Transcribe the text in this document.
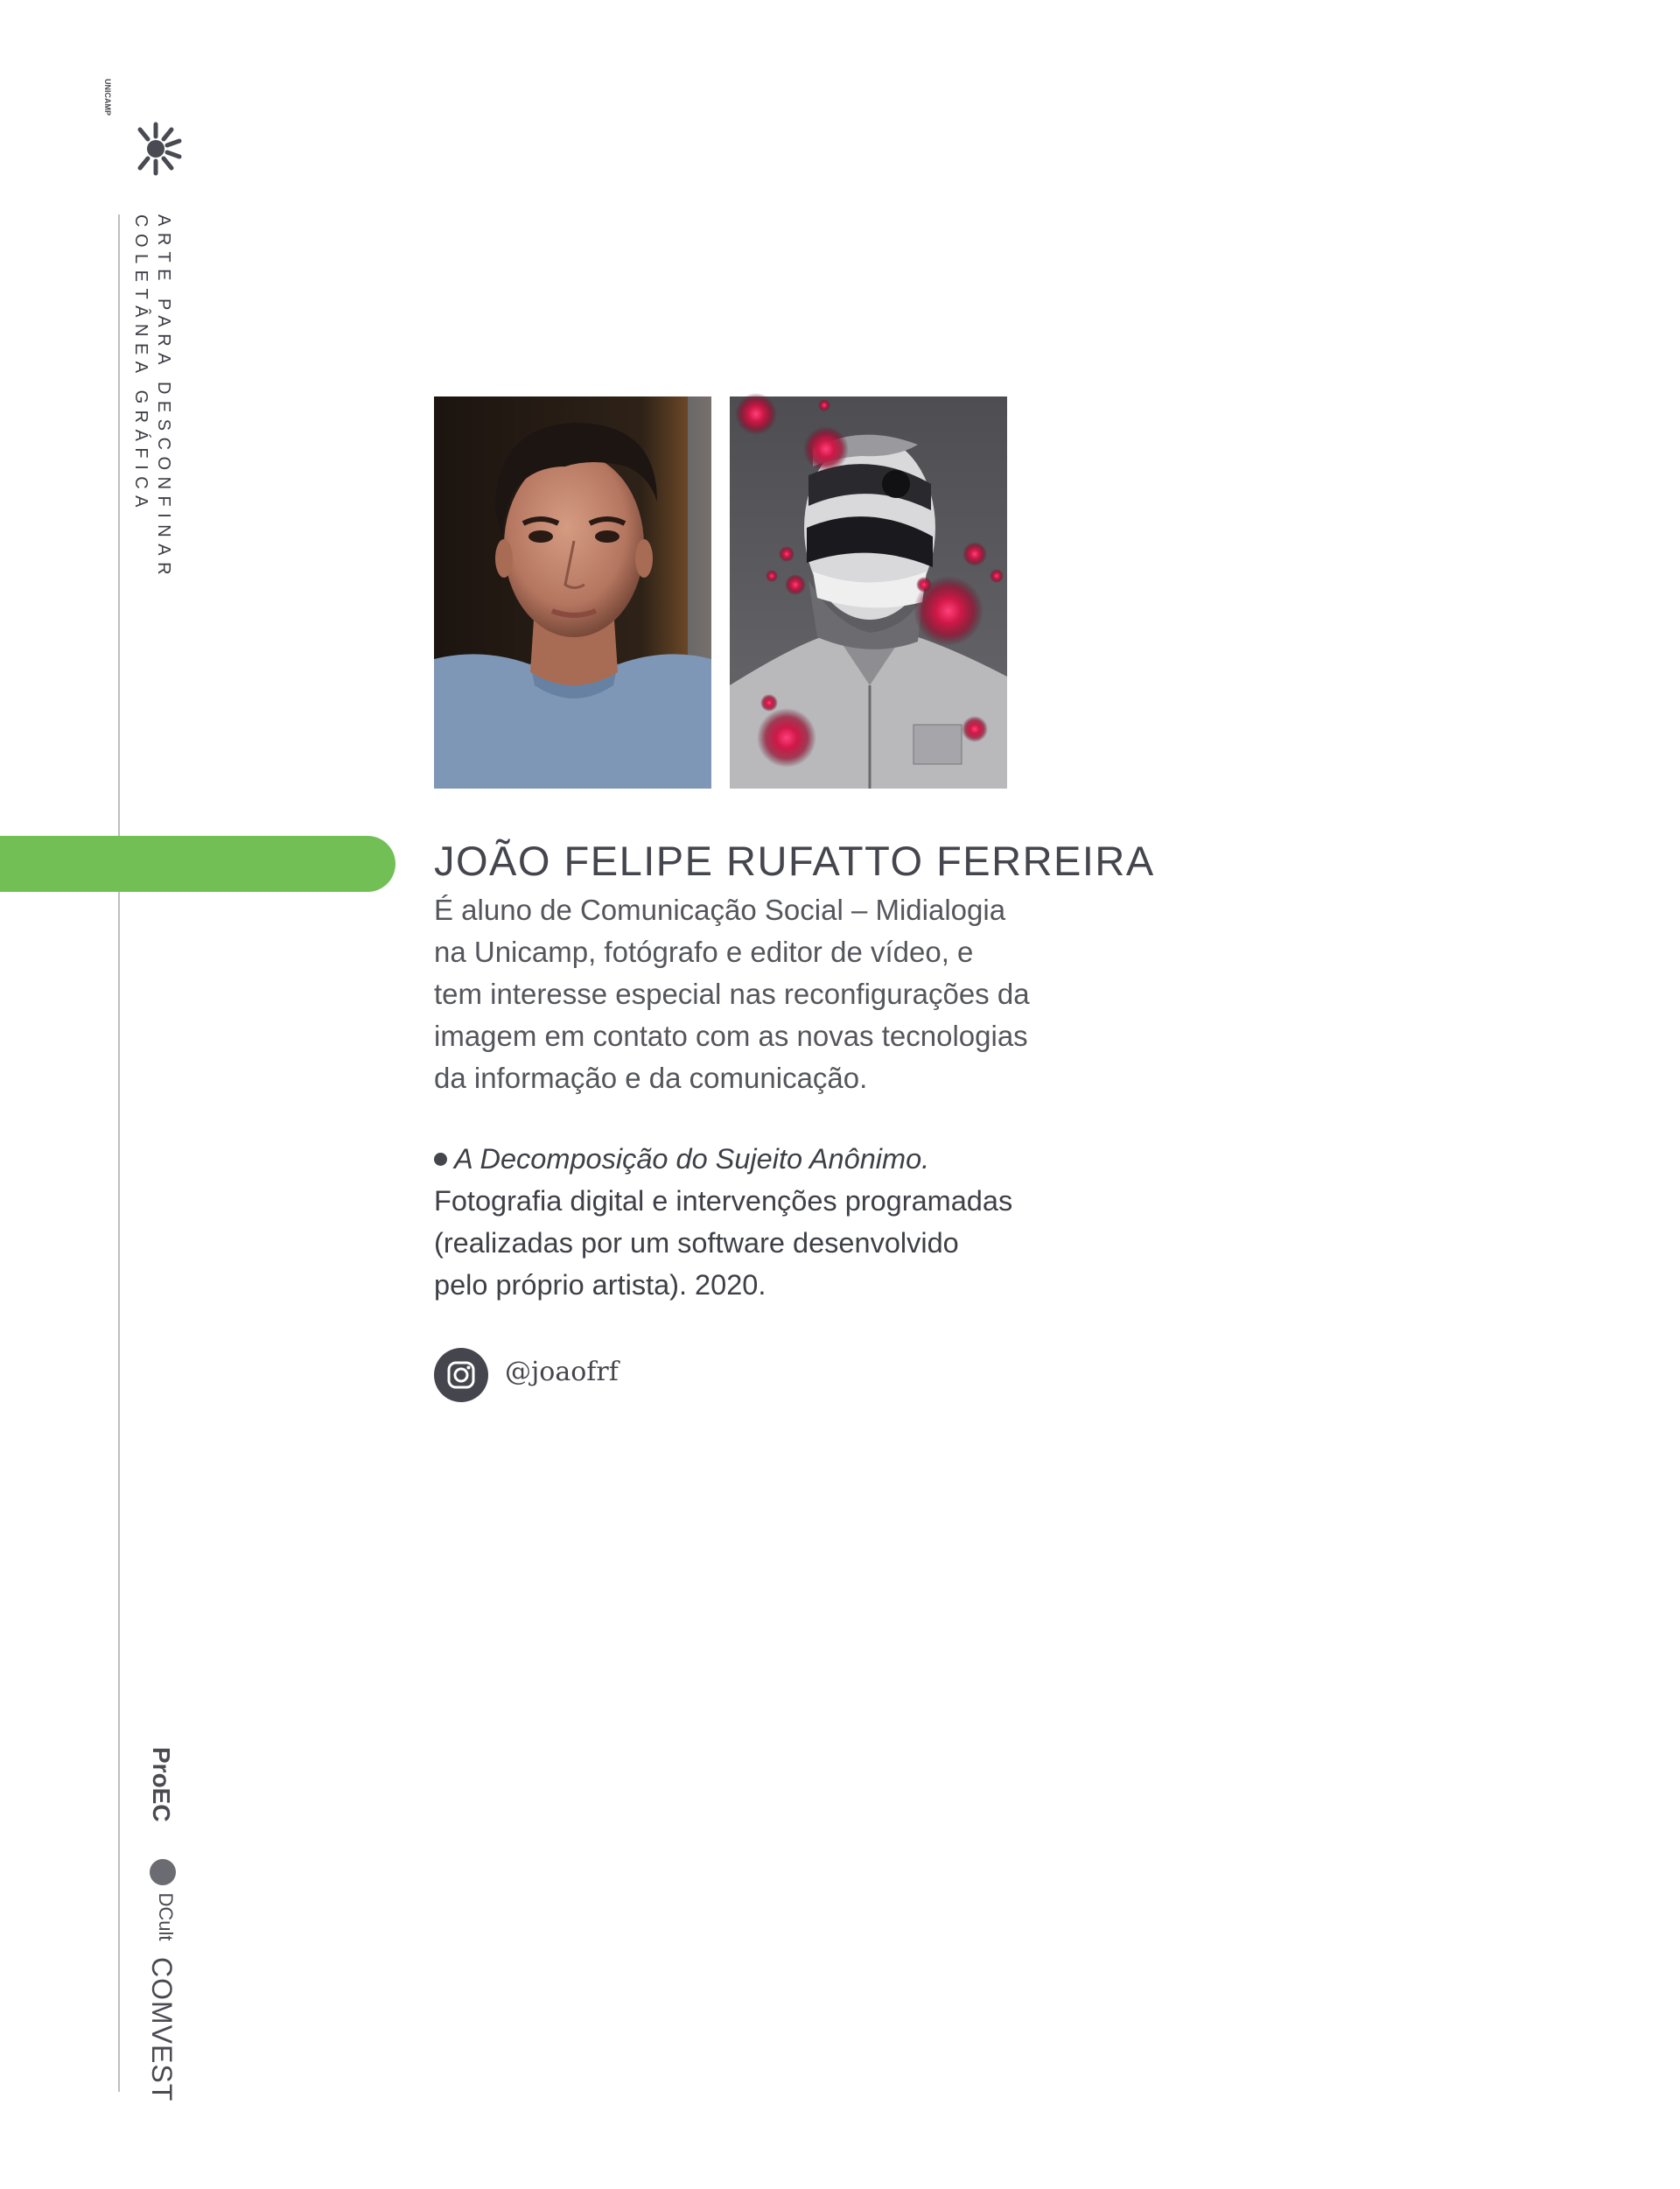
UNICAMP
ARTE PARA DESCONFINAR
COLETÂNEA GRÁFICA
ProEC
DCult
COMVEST
JOÃO FELIPE RUFATTO FERREIRA

É aluno de Comunicação Social – Midialogia
na Unicamp, fotógrafo e editor de vídeo, e
tem interesse especial nas reconfigurações da
imagem em contato com as novas tecnologias
da informação e da comunicação.

A Decomposição do Sujeito Anônimo.
Fotografia digital e intervenções programadas
(realizadas por um software desenvolvido
pelo próprio artista). 2020.

@joaofrf
